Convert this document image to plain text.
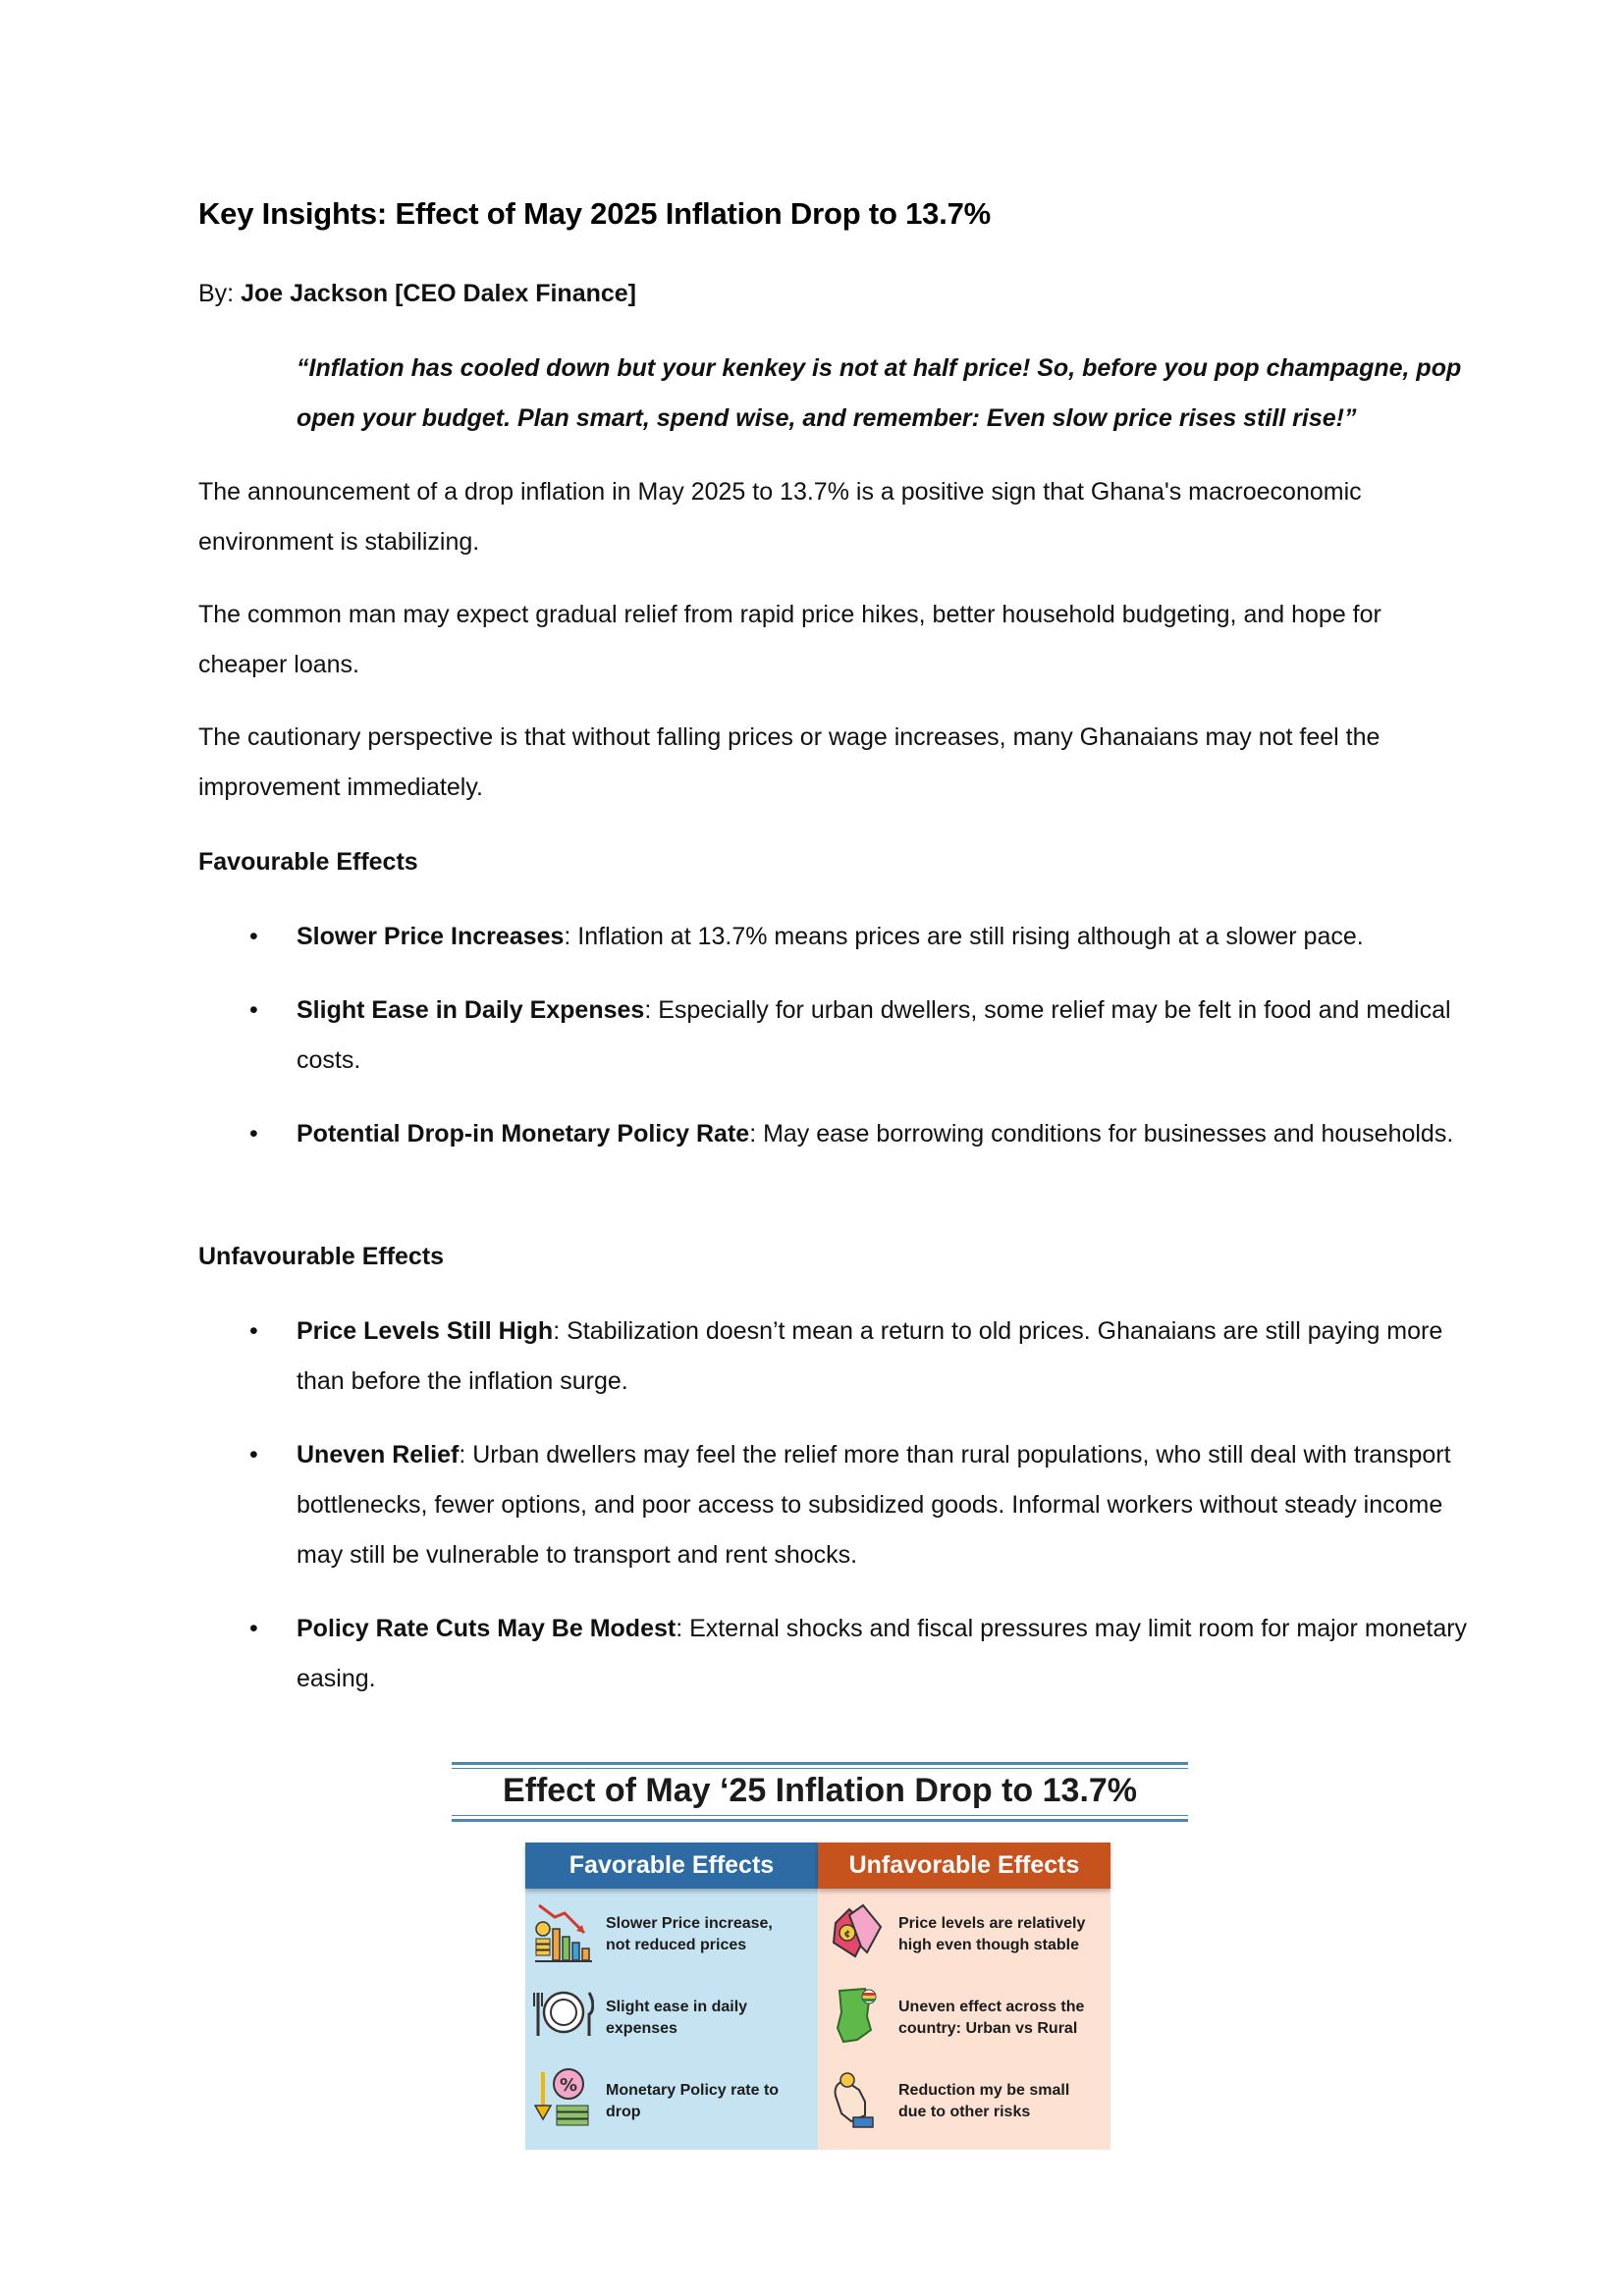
Key Insights: Effect of May 2025 Inflation Drop to 13.7%
By: Joe Jackson [CEO Dalex Finance]
“Inflation has cooled down but your kenkey is not at half price! So, before you pop champagne, pop open your budget. Plan smart, spend wise, and remember: Even slow price rises still rise!”
The announcement of a drop inflation in May 2025 to 13.7% is a positive sign that Ghana's macroeconomic environment is stabilizing.
The common man may expect gradual relief from rapid price hikes, better household budgeting, and hope for cheaper loans.
The cautionary perspective is that without falling prices or wage increases, many Ghanaians may not feel the improvement immediately.
Favourable Effects
• Slower Price Increases: Inflation at 13.7% means prices are still rising although at a slower pace.
• Slight Ease in Daily Expenses: Especially for urban dwellers, some relief may be felt in food and medical costs.
• Potential Drop-in Monetary Policy Rate: May ease borrowing conditions for businesses and households.
Unfavourable Effects
• Price Levels Still High: Stabilization doesn’t mean a return to old prices. Ghanaians are still paying more than before the inflation surge.
• Uneven Relief: Urban dwellers may feel the relief more than rural populations, who still deal with transport bottlenecks, fewer options, and poor access to subsidized goods. Informal workers without steady income may still be vulnerable to transport and rent shocks.
• Policy Rate Cuts May Be Modest: External shocks and fiscal pressures may limit room for major monetary easing.
Effect of May ‘25 Inflation Drop to 13.7%
Favorable Effects
Slower Price increase,
not reduced prices
Slight ease in daily
expenses
% Monetary Policy rate to
drop
Unfavorable Effects
¢
Price levels are relatively
high even though stable
Uneven effect across the
country: Urban vs Rural
Reduction my be small
due to other risks
